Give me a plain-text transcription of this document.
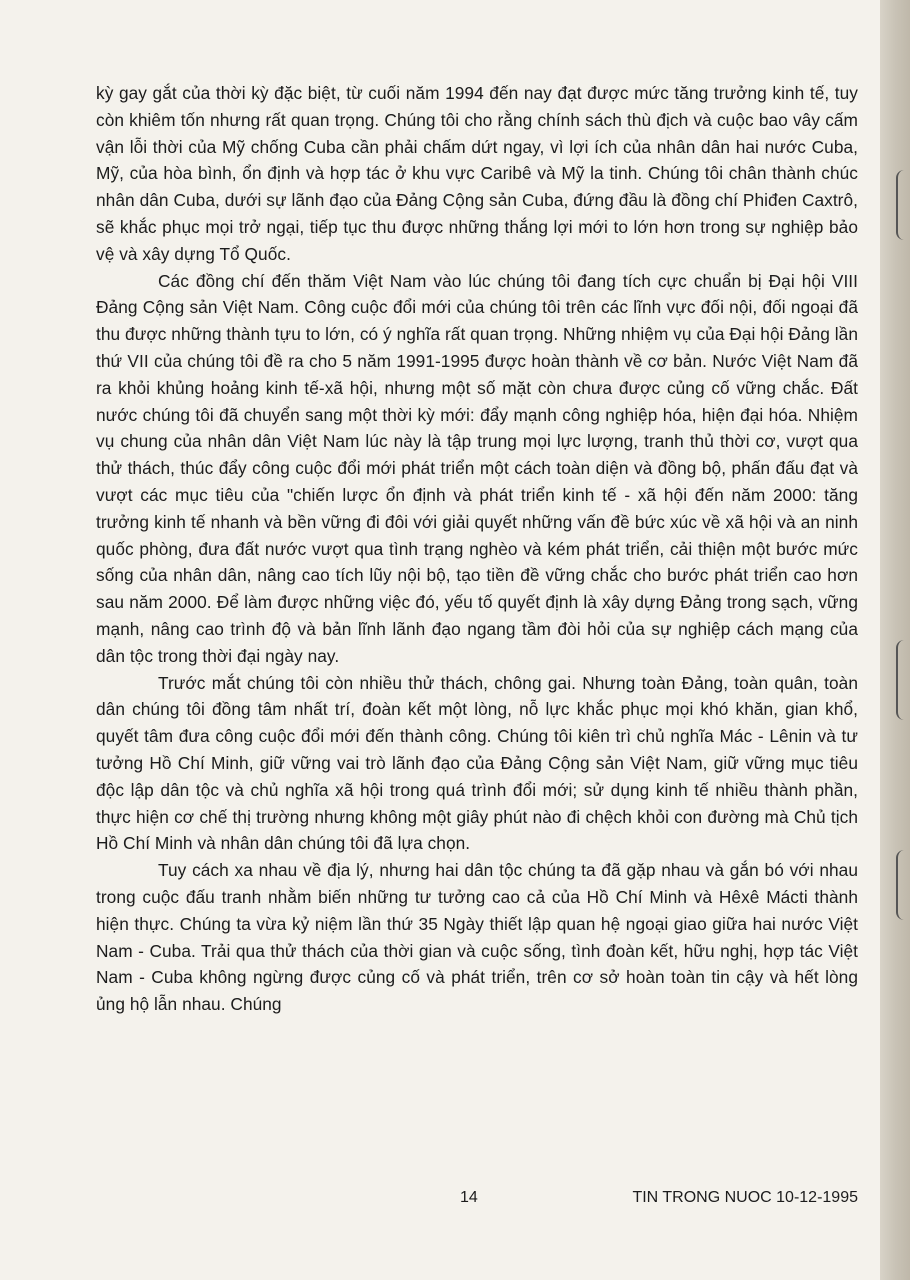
kỳ gay gắt của thời kỳ đặc biệt, từ cuối năm 1994 đến nay đạt được mức tăng trưởng kinh tế, tuy còn khiêm tốn nhưng rất quan trọng. Chúng tôi cho rằng chính sách thù địch và cuộc bao vây cấm vận lỗi thời của Mỹ chống Cuba cần phải chấm dứt ngay, vì lợi ích của nhân dân hai nước Cuba, Mỹ, của hòa bình, ổn định và hợp tác ở khu vực Caribê và Mỹ la tinh. Chúng tôi chân thành chúc nhân dân Cuba, dưới sự lãnh đạo của Đảng Cộng sản Cuba, đứng đầu là đồng chí Phiđen Caxtrô, sẽ khắc phục mọi trở ngại, tiếp tục thu được những thắng lợi mới to lớn hơn trong sự nghiệp bảo vệ và xây dựng Tổ Quốc.

Các đồng chí đến thăm Việt Nam vào lúc chúng tôi đang tích cực chuẩn bị Đại hội VIII Đảng Cộng sản Việt Nam. Công cuộc đổi mới của chúng tôi trên các lĩnh vực đối nội, đối ngoại đã thu được những thành tựu to lớn, có ý nghĩa rất quan trọng. Những nhiệm vụ của Đại hội Đảng lần thứ VII của chúng tôi đề ra cho 5 năm 1991-1995 được hoàn thành về cơ bản. Nước Việt Nam đã ra khỏi khủng hoảng kinh tế-xã hội, nhưng một số mặt còn chưa được củng cố vững chắc. Đất nước chúng tôi đã chuyển sang một thời kỳ mới: đẩy mạnh công nghiệp hóa, hiện đại hóa. Nhiệm vụ chung của nhân dân Việt Nam lúc này là tập trung mọi lực lượng, tranh thủ thời cơ, vượt qua thử thách, thúc đẩy công cuộc đổi mới phát triển một cách toàn diện và đồng bộ, phấn đấu đạt và vượt các mục tiêu của "chiến lược ổn định và phát triển kinh tế - xã hội đến năm 2000: tăng trưởng kinh tế nhanh và bền vững đi đôi với giải quyết những vấn đề bức xúc về xã hội và an ninh quốc phòng, đưa đất nước vượt qua tình trạng nghèo và kém phát triển, cải thiện một bước mức sống của nhân dân, nâng cao tích lũy nội bộ, tạo tiền đề vững chắc cho bước phát triển cao hơn sau năm 2000. Để làm được những việc đó, yếu tố quyết định là xây dựng Đảng trong sạch, vững mạnh, nâng cao trình độ và bản lĩnh lãnh đạo ngang tầm đòi hỏi của sự nghiệp cách mạng của dân tộc trong thời đại ngày nay.

Trước mắt chúng tôi còn nhiều thử thách, chông gai. Nhưng toàn Đảng, toàn quân, toàn dân chúng tôi đồng tâm nhất trí, đoàn kết một lòng, nỗ lực khắc phục mọi khó khăn, gian khổ, quyết tâm đưa công cuộc đổi mới đến thành công. Chúng tôi kiên trì chủ nghĩa Mác - Lênin và tư tưởng Hồ Chí Minh, giữ vững vai trò lãnh đạo của Đảng Cộng sản Việt Nam, giữ vững mục tiêu độc lập dân tộc và chủ nghĩa xã hội trong quá trình đổi mới; sử dụng kinh tế nhiều thành phần, thực hiện cơ chế thị trường nhưng không một giây phút nào đi chệch khỏi con đường mà Chủ tịch Hồ Chí Minh và nhân dân chúng tôi đã lựa chọn.

Tuy cách xa nhau về địa lý, nhưng hai dân tộc chúng ta đã gặp nhau và gắn bó với nhau trong cuộc đấu tranh nhằm biến những tư tưởng cao cả của Hồ Chí Minh và Hêxê Mácti thành hiện thực. Chúng ta vừa kỷ niệm lần thứ 35 Ngày thiết lập quan hệ ngoại giao giữa hai nước Việt Nam - Cuba. Trải qua thử thách của thời gian và cuộc sống, tình đoàn kết, hữu nghị, hợp tác Việt Nam - Cuba không ngừng được củng cố và phát triển, trên cơ sở hoàn toàn tin cậy và hết lòng ủng hộ lẫn nhau. Chúng

14	TIN TRONG NUOC 10-12-1995
